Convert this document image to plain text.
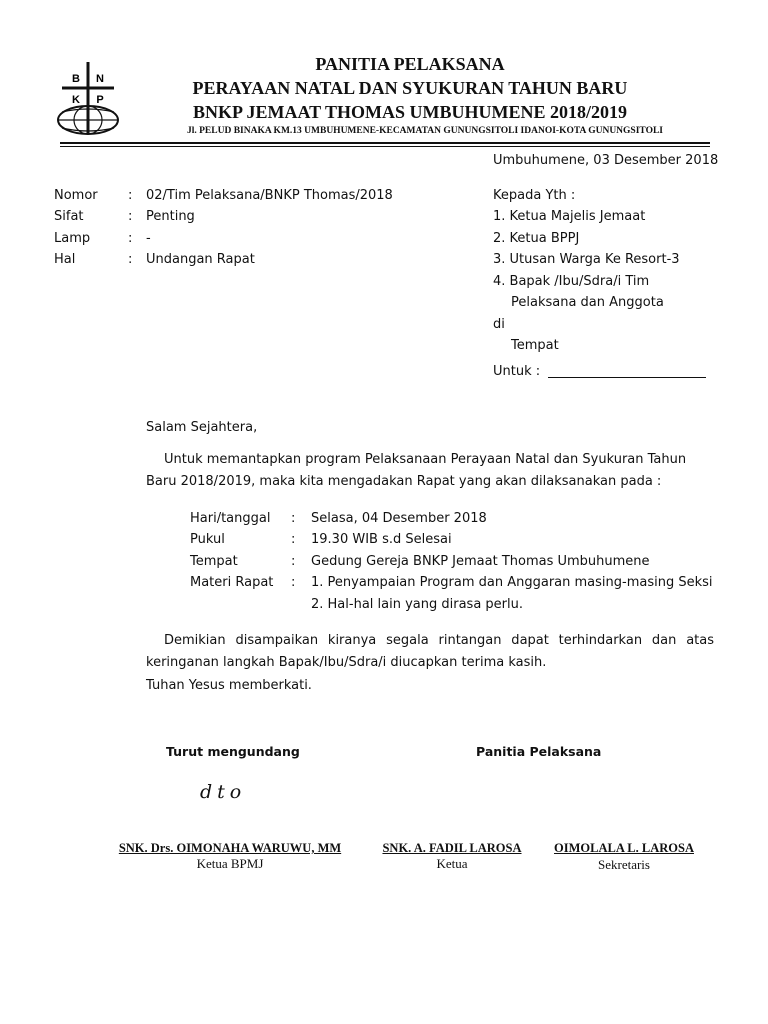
B N
K P
PANITIA PELAKSANA
PERAYAAN NATAL DAN SYUKURAN TAHUN BARU
BNKP JEMAAT THOMAS UMBUHUMENE 2018/2019
Jl. PELUD BINAKA KM.13 UMBUHUMENE-KECAMATAN GUNUNGSITOLI IDANOI-KOTA GUNUNGSITOLI
Umbuhumene, 03 Desember 2018
Nomor : 02/Tim Pelaksana/BNKP Thomas/2018
Sifat	: Penting
Lamp	: -
Hal	: Undangan Rapat
Kepada Yth :
1. Ketua Majelis Jemaat
2. Ketua BPPJ
3. Utusan Warga Ke Resort-3
4. Bapak /Ibu/Sdra/i Tim
Pelaksana dan Anggota
di
Tempat
Untuk :
Salam Sejahtera,
Untuk memantapkan program Pelaksanaan Perayaan Natal dan Syukuran Tahun Baru 2018/2019, maka kita mengadakan Rapat yang akan dilaksanakan pada :
Hari/tanggal : Selasa, 04 Desember 2018
Pukul	: 19.30 WIB s.d Selesai
Tempat	: Gedung Gereja BNKP Jemaat Thomas Umbuhumene
Materi Rapat : 1. Penyampaian Program dan Anggaran masing-masing Seksi
2. Hal-hal lain yang dirasa perlu.
Demikian disampaikan kiranya segala rintangan dapat terhindarkan dan atas keringanan langkah Bapak/Ibu/Sdra/i diucapkan terima kasih.
Tuhan Yesus memberkati.
Turut mengundang	Panitia Pelaksana
dto
SNK. Drs. OIMONAHA WARUWU, MM
Ketua BPMJ
SNK. A. FADIL LAROSA
Ketua
OIMOLALA L. LAROSA
Sekretaris
